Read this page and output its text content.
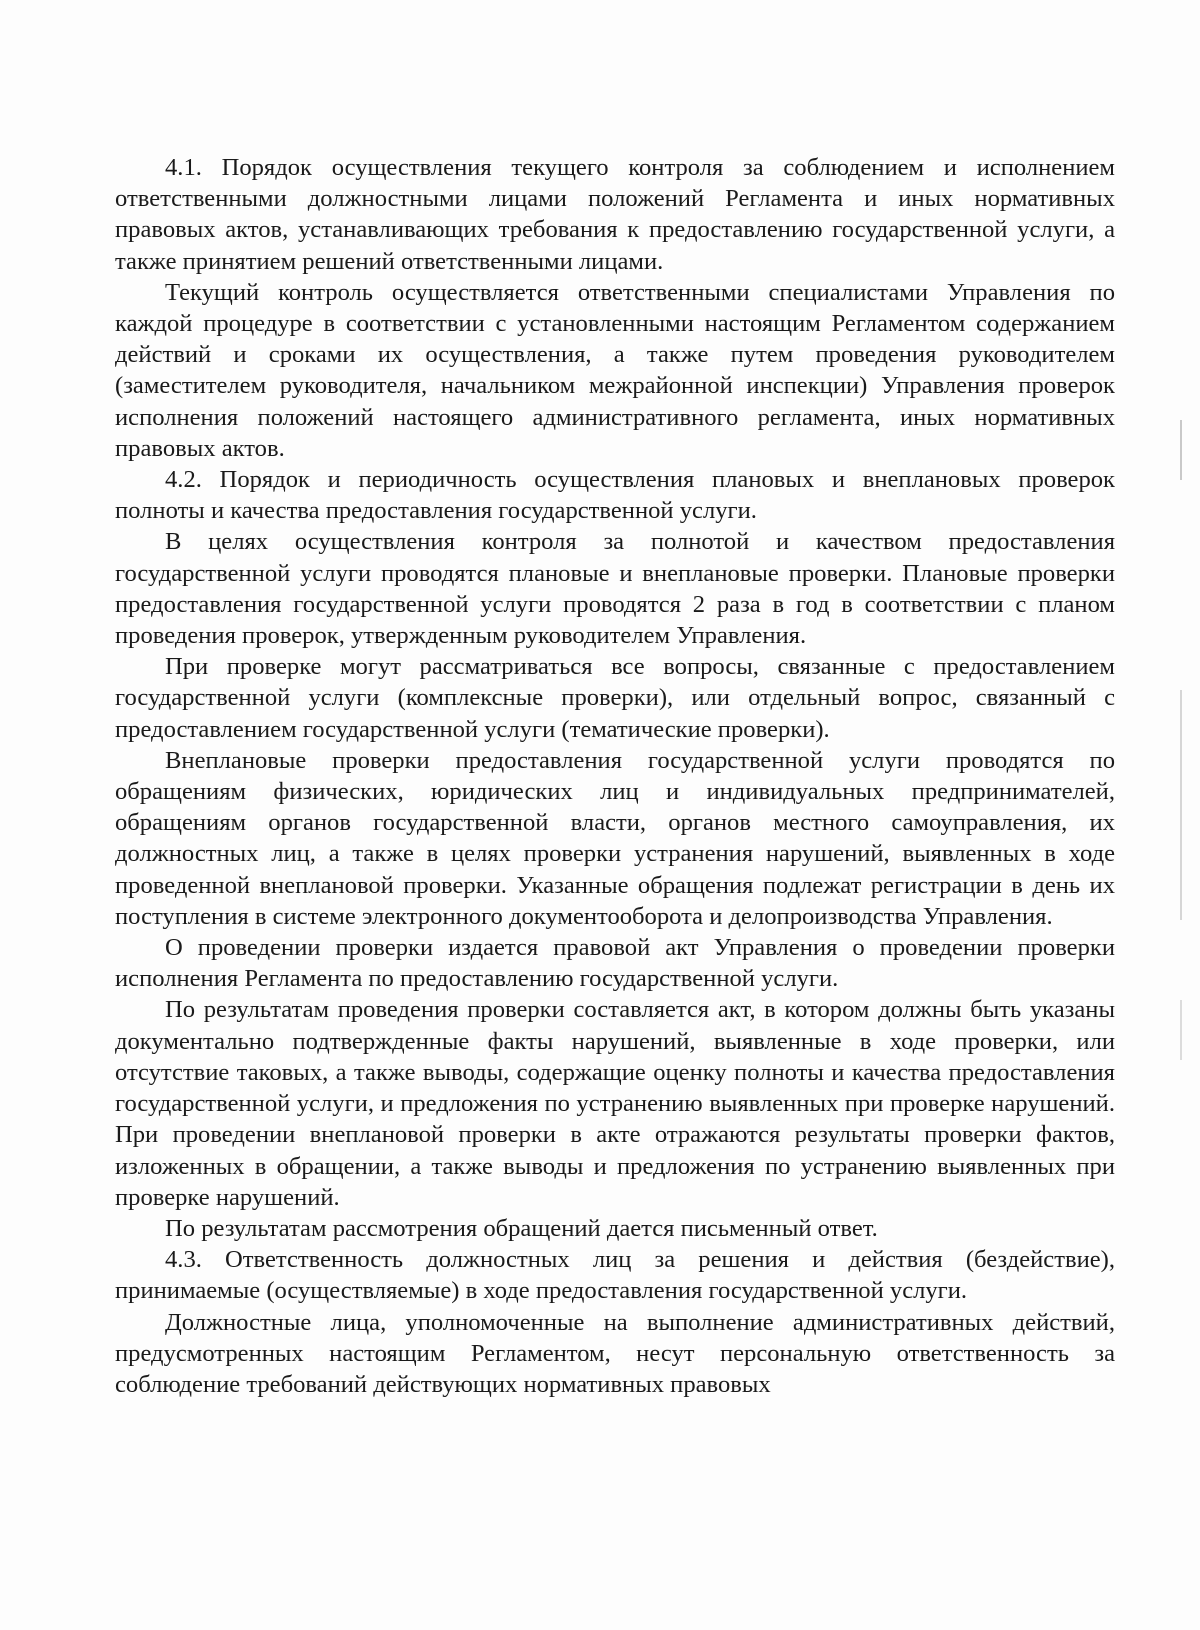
4.1. Порядок осуществления текущего контроля за соблюдением и исполнением ответственными должностными лицами положений Регламента и иных нормативных правовых актов, устанавливающих требования к предоставлению государственной услуги, а также принятием решений ответственными лицами.

Текущий контроль осуществляется ответственными специалистами Управления по каждой процедуре в соответствии с установленными настоящим Регламентом содержанием действий и сроками их осуществления, а также путем проведения руководителем (заместителем руководителя, начальником межрайонной инспекции) Управления проверок исполнения положений настоящего административного регламента, иных нормативных правовых актов.

4.2. Порядок и периодичность осуществления плановых и внеплановых проверок полноты и качества предоставления государственной услуги.

В целях осуществления контроля за полнотой и качеством предоставления государственной услуги проводятся плановые и внеплановые проверки. Плановые проверки предоставления государственной услуги проводятся 2 раза в год в соответствии с планом проведения проверок, утвержденным руководителем Управления.

При проверке могут рассматриваться все вопросы, связанные с предоставлением государственной услуги (комплексные проверки), или отдельный вопрос, связанный с предоставлением государственной услуги (тематические проверки).

Внеплановые проверки предоставления государственной услуги проводятся по обращениям физических, юридических лиц и индивидуальных предпринимателей, обращениям органов государственной власти, органов местного самоуправления, их должностных лиц, а также в целях проверки устранения нарушений, выявленных в ходе проведенной внеплановой проверки. Указанные обращения подлежат регистрации в день их поступления в системе электронного документооборота и делопроизводства Управления.

О проведении проверки издается правовой акт Управления о проведении проверки исполнения Регламента по предоставлению государственной услуги.

По результатам проведения проверки составляется акт, в котором должны быть указаны документально подтвержденные факты нарушений, выявленные в ходе проверки, или отсутствие таковых, а также выводы, содержащие оценку полноты и качества предоставления государственной услуги, и предложения по устранению выявленных при проверке нарушений. При проведении внеплановой проверки в акте отражаются результаты проверки фактов, изложенных в обращении, а также выводы и предложения по устранению выявленных при проверке нарушений.

По результатам рассмотрения обращений дается письменный ответ.

4.3. Ответственность должностных лиц за решения и действия (бездействие), принимаемые (осуществляемые) в ходе предоставления государственной услуги.

Должностные лица, уполномоченные на выполнение административных действий, предусмотренных настоящим Регламентом, несут персональную ответственность за соблюдение требований действующих нормативных правовых
